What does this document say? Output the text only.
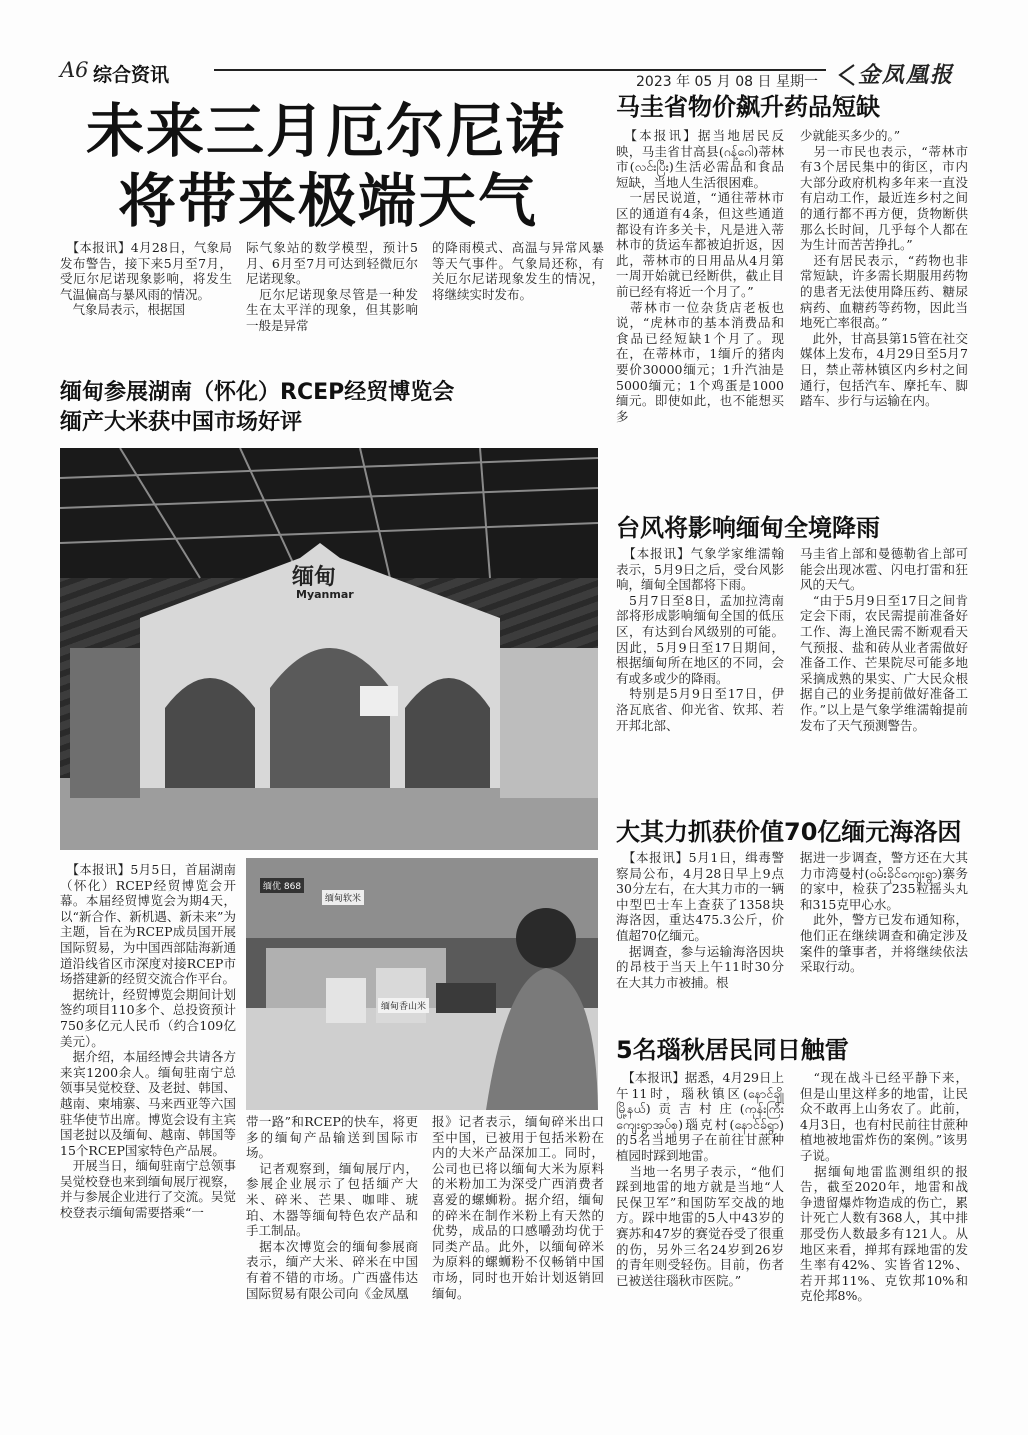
A6 综合资讯	2023 年 05 月 08 日 星期一 金凤凰报
未来三月厄尔尼诺
将带来极端天气
　【本报讯】4月28日，气象局发布警告，接下来5月至7月，受厄尔尼诺现象影响，将发生气温偏高与暴风雨的情况。
　气象局表示，根据国
际气象站的数学模型，预计5月、6月至7月可达到轻微厄尔尼诺现象。
　厄尔尼诺现象尽管是一种发生在太平洋的现象，但其影响一般是异常
的降雨模式、高温与异常风暴等天气事件。气象局还称，有关厄尔尼诺现象发生的情况，将继续实时发布。
缅甸参展湖南（怀化）RCEP经贸博览会
缅产大米获中国市场好评
缅甸
Myanmar
缅优 868
缅甸软米
缅甸香山米
　【本报讯】5月5日，首届湖南（怀化）RCEP经贸博览会开幕。本届经贸博览会为期4天，以“新合作、新机遇、新未来”为主题，旨在为RCEP成员国开展国际贸易，为中国西部陆海新通道沿线省区市深度对接RCEP市场搭建新的经贸交流合作平台。
　据统计，经贸博览会期间计划签约项目110多个、总投资预计750多亿元人民币（约合109亿美元）。
　据介绍，本届经博会共请各方来宾1200余人。缅甸驻南宁总领事吴觉校登、及老挝、韩国、越南、柬埔寨、马来西亚等六国驻华使节出席。博览会设有主宾国老挝以及缅甸、越南、韩国等15个RCEP国家特色产品展。
　开展当日，缅甸驻南宁总领事吴觉校登也来到缅甸展厅视察，并与参展企业进行了交流。吴觉校登表示缅甸需要搭乘“一
带一路”和RCEP的快车，将更多的缅甸产品输送到国际市场。
　记者观察到，缅甸展厅内，参展企业展示了包括缅产大米、碎米、芒果、咖啡、琥珀、木器等缅甸特色农产品和手工制品。
　据本次博览会的缅甸参展商表示，缅产大米、碎米在中国有着不错的市场。广西盛伟达国际贸易有限公司向《金凤凰
报》记者表示，缅甸碎米出口至中国，已被用于包括米粉在内的大米产品深加工。同时，公司也已将以缅甸大米为原料的米粉加工为深受广西消费者喜爱的螺蛳粉。据介绍，缅甸的碎米在制作米粉上有天然的优势，成品的口感嚼劲均优于同类产品。此外，以缅甸碎米为原料的螺蛳粉不仅畅销中国市场，同时也开始计划返销回缅甸。
马圭省物价飙升药品短缺
　【本报讯】据当地居民反映，马圭省甘高县(ဂန့်ဂေါ)蒂林市(လင်းပြီး)生活必需品和食品短缺，当地人生活很困难。
　一居民说道，“通往蒂林市区的通道有4条，但这些通道都设有许多关卡，凡是进入蒂林市的货运车都被迫折返，因此，蒂林市的日用品从4月第一周开始就已经断供，截止目前已经有将近一个月了。”
　蒂林市一位杂货店老板也说，“虎林市的基本消费品和食品已经短缺1个月了。现在，在蒂林市，1缅斤的猪肉要价30000缅元；1升汽油是5000缅元；1个鸡蛋是1000缅元。即使如此，也不能想买多
少就能买多少的。”
　另一市民也表示，“蒂林市有3个居民集中的街区，市内大部分政府机构多年来一直没有启动工作，最近连乡村之间的通行都不再方便，货物断供那么长时间，几乎每个人都在为生计而苦苦挣扎。”
　还有居民表示，“药物也非常短缺，许多需长期服用药物的患者无法使用降压药、糖尿病药、血糖药等药物，因此当地死亡率很高。”
　此外，甘高县第15管在社交媒体上发布，4月29日至5月7日，禁止蒂林镇区内乡村之间通行，包括汽车、摩托车、脚踏车、步行与运输在内。
台风将影响缅甸全境降雨
　【本报讯】气象学家维濡翰表示，5月9日之后，受台风影响，缅甸全国都将下雨。
　5月7日至8日，孟加拉湾南部将形成影响缅甸全国的低压区，有达到台风级别的可能。因此，5月9日至17日期间，根据缅甸所在地区的不同，会有或多或少的降雨。
　特别是5月9日至17日，伊洛瓦底省、仰光省、钦邦、若开邦北部、
马圭省上部和曼德勒省上部可能会出现冰雹、闪电打雷和狂风的天气。
　“由于5月9日至17日之间肯定会下雨，农民需提前准备好工作、海上渔民需不断观看天气预报、盐和砖从业者需做好准备工作、芒果院尽可能多地采摘成熟的果实、广大民众根据自己的业务提前做好准备工作。”以上是气象学维濡翰提前发布了天气预测警告。
大其力抓获价值70亿缅元海洛因
　【本报讯】5月1日，缉毒警察局公布，4月28日早上9点30分左右，在大其力市的一辆中型巴士车上查获了1358块海洛因，重达475.3公斤，价值超70亿缅元。
　据调查，参与运输海洛因块的昂枝于当天上午11时30分在大其力市被捕。根
据进一步调查，警方还在大其力市湾曼村(ဝမ်းခိုင်ကျေးရွာ)寨务的家中，检获了235粒摇头丸和315克甲心水。
　此外，警方已发布通知称，他们正在继续调查和确定涉及案件的肇事者，并将继续依法采取行动。
5名瑙秋居民同日触雷
　【本报讯】据悉，4月29日上午11时，瑙秋镇区(နောင်ချိုမြို့နယ်)贡吉村庄(ကုန်းကြီးကျေးရွာအုပ်စု)瑙克村(နောင်ခ်ရွာ)的5名当地男子在前往甘蔗种植园时踩到地雷。
　当地一名男子表示，“他们踩到地雷的地方就是当地“人民保卫军”和国防军交战的地方。踩中地雷的5人中43岁的赛苏和47岁的赛觉吞受了很重的伤，另外三名24岁到26岁的青年则受轻伤。目前，伤者已被送往瑙秋市医院。”
　“现在战斗已经平静下来，但是山里这样多的地雷，让民众不敢再上山务农了。此前，4月3日，也有村民前往甘蔗种植地被地雷炸伤的案例。”该男子说。
　据缅甸地雷监测组织的报告，截至2020年，地雷和战争遗留爆炸物造成的伤亡，累计死亡人数有368人，其中排那受伤人数最多有121人。从地区来看，掸邦有踩地雷的发生率有42%、实皆省12%、若开邦11%、克钦邦10%和克伦邦8%。
